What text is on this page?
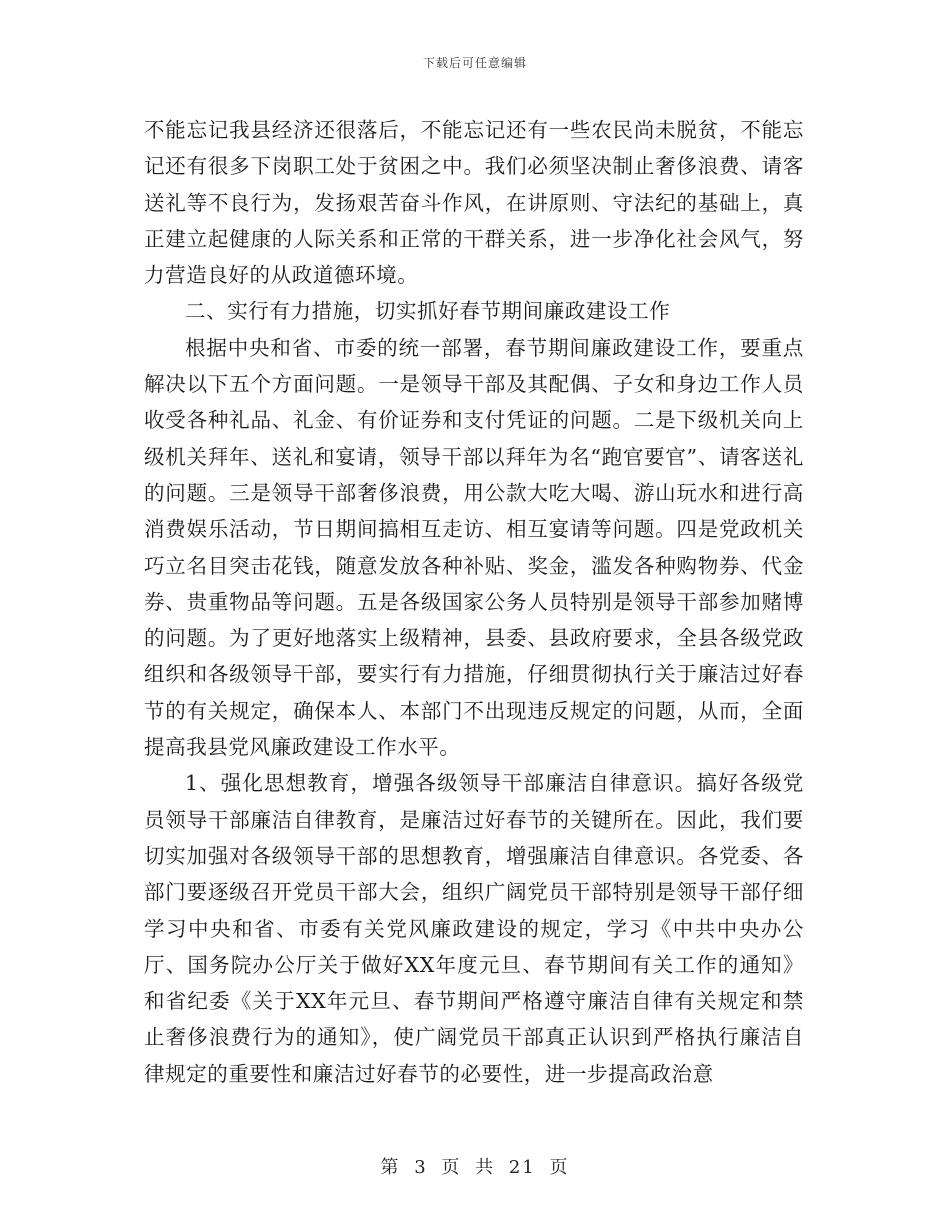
下载后可任意编辑

不能忘记我县经济还很落后，不能忘记还有一些农民尚未脱贫，不能忘记还有很多下岗职工处于贫困之中。我们必须坚决制止奢侈浪费、请客送礼等不良行为，发扬艰苦奋斗作风，在讲原则、守法纪的基础上，真正建立起健康的人际关系和正常的干群关系，进一步净化社会风气，努力营造良好的从政道德环境。

二、实行有力措施，切实抓好春节期间廉政建设工作

根据中央和省、市委的统一部署，春节期间廉政建设工作，要重点解决以下五个方面问题。一是领导干部及其配偶、子女和身边工作人员收受各种礼品、礼金、有价证券和支付凭证的问题。二是下级机关向上级机关拜年、送礼和宴请，领导干部以拜年为名“跑官要官”、请客送礼的问题。三是领导干部奢侈浪费，用公款大吃大喝、游山玩水和进行高消费娱乐活动，节日期间搞相互走访、相互宴请等问题。四是党政机关巧立名目突击花钱，随意发放各种补贴、奖金，滥发各种购物券、代金券、贵重物品等问题。五是各级国家公务人员特别是领导干部参加赌博的问题。为了更好地落实上级精神，县委、县政府要求，全县各级党政组织和各级领导干部，要实行有力措施，仔细贯彻执行关于廉洁过好春节的有关规定，确保本人、本部门不出现违反规定的问题，从而，全面提高我县党风廉政建设工作水平。

1、强化思想教育，增强各级领导干部廉洁自律意识。搞好各级党员领导干部廉洁自律教育，是廉洁过好春节的关键所在。因此，我们要切实加强对各级领导干部的思想教育，增强廉洁自律意识。各党委、各部门要逐级召开党员干部大会，组织广阔党员干部特别是领导干部仔细学习中央和省、市委有关党风廉政建设的规定，学习《中共中央办公厅、国务院办公厅关于做好XX年度元旦、春节期间有关工作的通知》和省纪委《关于XX年元旦、春节期间严格遵守廉洁自律有关规定和禁止奢侈浪费行为的通知》，使广阔党员干部真正认识到严格执行廉洁自律规定的重要性和廉洁过好春节的必要性，进一步提高政治意

第 3 页 共 21 页
